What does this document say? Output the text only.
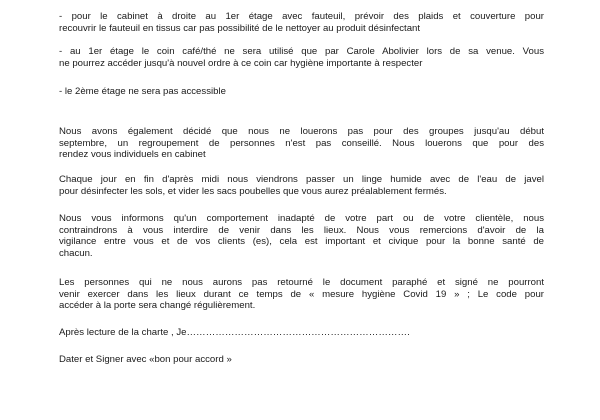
- pour le cabinet à droite au 1er étage avec fauteuil, prévoir des plaids et couverture pour
recouvrir le fauteuil en tissus car pas possibilité de le nettoyer au produit désinfectant

- au 1er étage le coin café/thé ne sera utilisé que par Carole Abolivier lors de sa venue. Vous
ne pourrez accéder jusqu'à nouvel ordre à ce coin car hygiène importante à respecter

- le 2ème étage ne sera pas accessible

Nous avons également décidé que nous ne louerons pas pour des groupes jusqu'au début
septembre, un regroupement de personnes n'est pas conseillé. Nous louerons que pour des
rendez vous individuels en cabinet

Chaque jour en fin d'après midi nous viendrons passer un linge humide avec de l'eau de javel
pour désinfecter les sols, et vider les sacs poubelles que vous aurez préalablement fermés.

Nous vous informons qu'un comportement inadapté de votre part ou de votre clientèle, nous
contraindrons à vous interdire de venir dans les lieux. Nous vous remercions d'avoir de la
vigilance entre vous et de vos clients (es), cela est important et civique pour la bonne santé de
chacun.

Les personnes qui ne nous aurons pas retourné le document paraphé et signé ne pourront
venir exercer dans les lieux durant ce temps de « mesure hygiène Covid 19 » ; Le code pour
accéder à la porte sera changé régulièrement.

Après lecture de la charte , Je…………………………………………………………….

Dater et Signer avec «bon pour accord »
